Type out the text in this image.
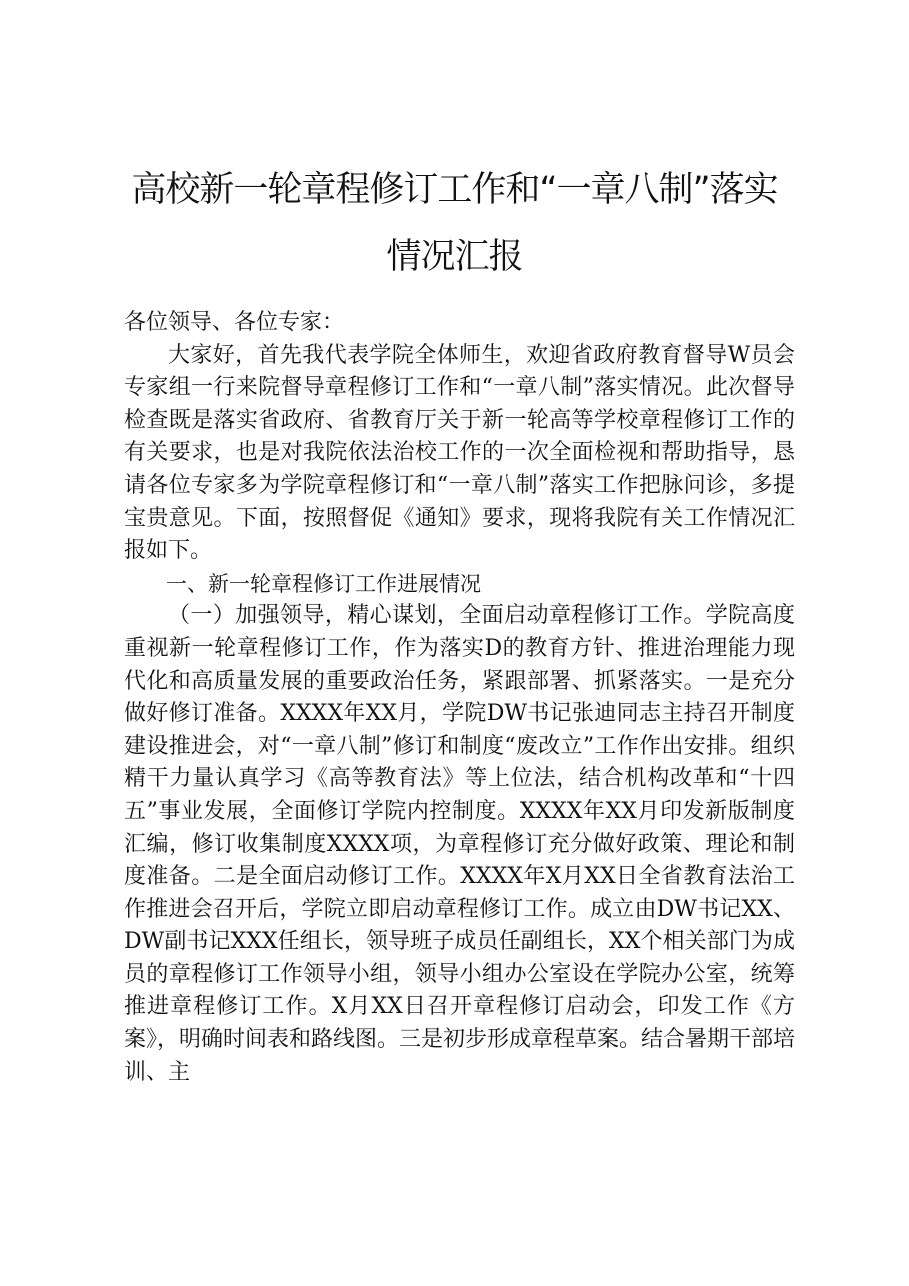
高校新一轮章程修订工作和“一章八制”落实
情况汇报

各位领导、各位专家：

大家好，首先我代表学院全体师生，欢迎省政府教育督导W员会专家组一行来院督导章程修订工作和“一章八制”落实情况。此次督导检查既是落实省政府、省教育厅关于新一轮高等学校章程修订工作的有关要求，也是对我院依法治校工作的一次全面检视和帮助指导，恳请各位专家多为学院章程修订和“一章八制”落实工作把脉问诊，多提宝贵意见。下面，按照督促《通知》要求，现将我院有关工作情况汇报如下。

一、新一轮章程修订工作进展情况

（一）加强领导，精心谋划，全面启动章程修订工作。学院高度重视新一轮章程修订工作，作为落实D的教育方针、推进治理能力现代化和高质量发展的重要政治任务，紧跟部署、抓紧落实。一是充分做好修订准备。XXXX年XX月，学院DW书记张迪同志主持召开制度建设推进会，对“一章八制”修订和制度“废改立”工作作出安排。组织精干力量认真学习《高等教育法》等上位法，结合机构改革和“十四五”事业发展，全面修订学院内控制度。XXXX年XX月印发新版制度汇编，修订收集制度XXXX项，为章程修订充分做好政策、理论和制度准备。二是全面启动修订工作。XXXX年X月XX日全省教育法治工作推进会召开后，学院立即启动章程修订工作。成立由DW书记XX、DW副书记XXX任组长，领导班子成员任副组长，XX个相关部门为成员的章程修订工作领导小组，领导小组办公室设在学院办公室，统筹推进章程修订工作。X月XX日召开章程修订启动会，印发工作《方案》，明确时间表和路线图。三是初步形成章程草案。结合暑期干部培训、主
